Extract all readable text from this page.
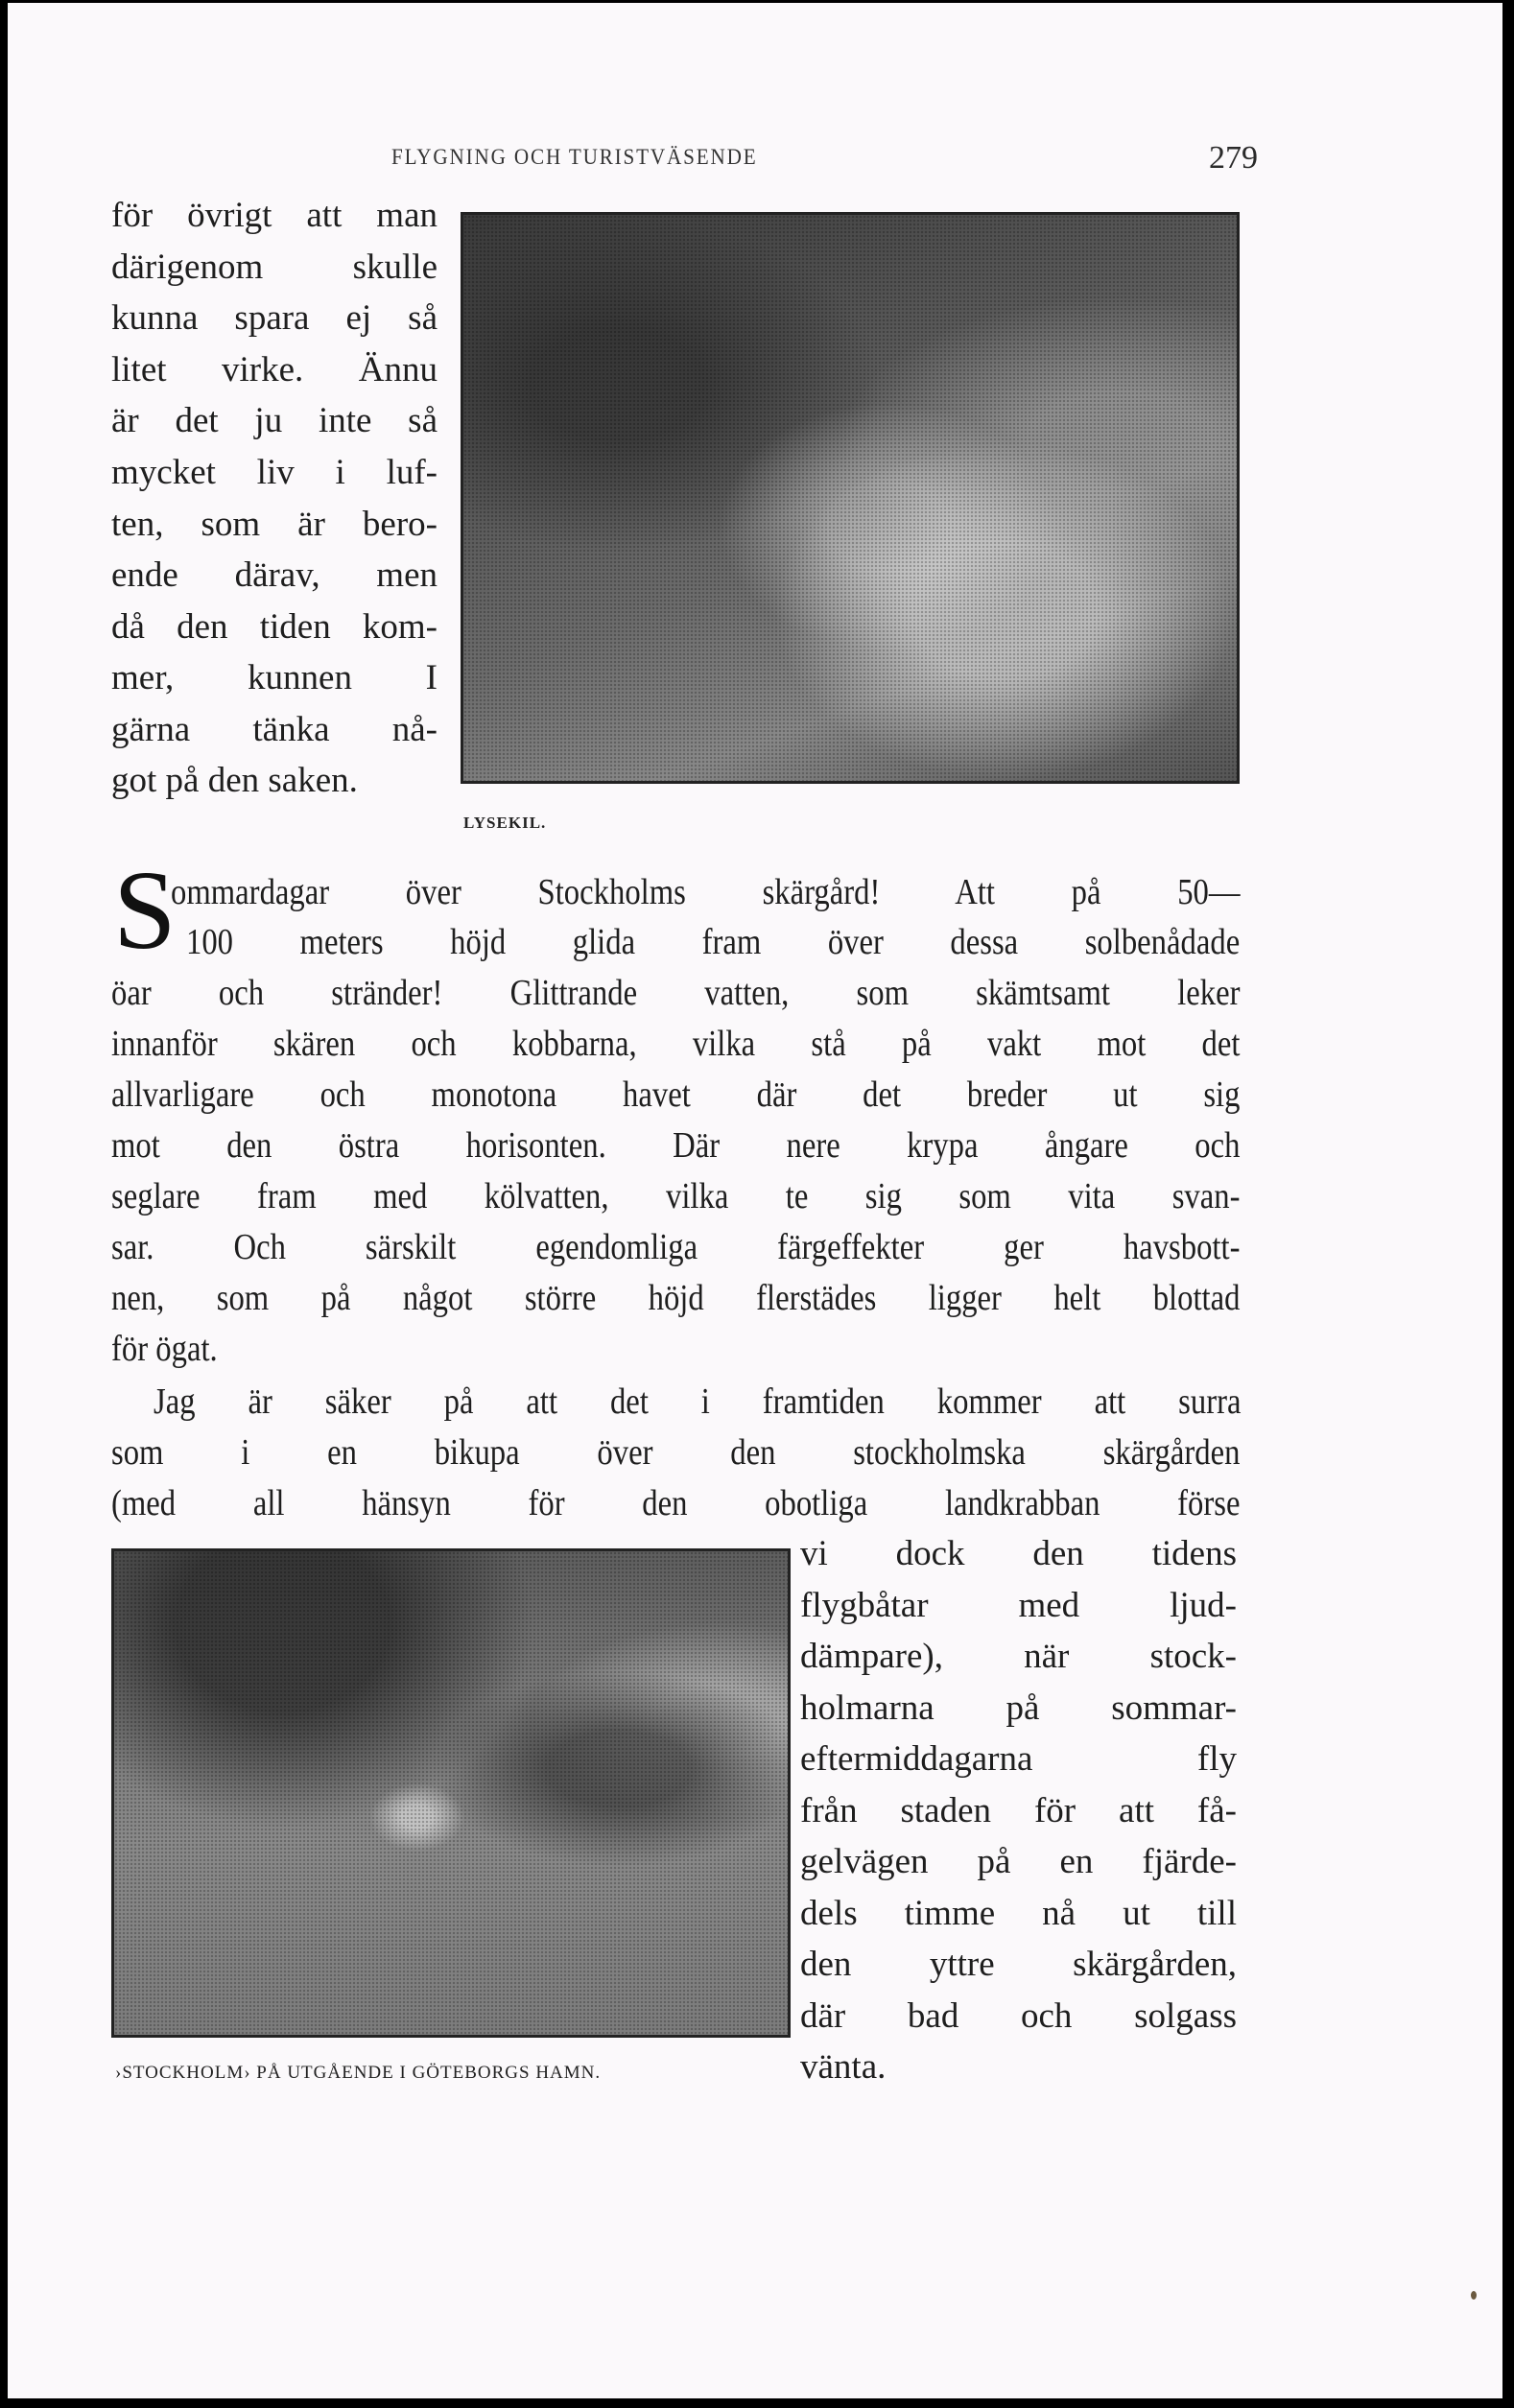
FLYGNING OCH TURISTVÄSENDE	279
för övrigt att man
därigenom skulle
kunna spara ej så
litet virke. Ännu
är det ju inte så
mycket liv i luf-
ten, som är bero-
ende därav, men
då den tiden kom-
mer, kunnen I
gärna tänka nå-
got på den saken.
LYSEKIL.
S
ommardagar över Stockholms skärgård! Att på 50—
100 meters höjd glida fram över dessa solbenådade
öar och stränder! Glittrande vatten, som skämtsamt leker
innanför skären och kobbarna, vilka stå på vakt mot det
allvarligare och monotona havet där det breder ut sig
mot den östra horisonten. Där nere krypa ångare och
seglare fram med kölvatten, vilka te sig som vita svan-
sar. Och särskilt egendomliga färgeffekter ger havsbott-
nen, som på något större höjd flerstädes ligger helt blottad
för ögat.
Jag är säker på att det i framtiden kommer att surra
som i en bikupa över den stockholmska skärgården
(med all hänsyn för den obotliga landkrabban förse
vi dock den tidens
flygbåtar med ljud-
dämpare), när stock-
holmarna på sommar-
eftermiddagarna fly
från staden för att få-
gelvägen på en fjärde-
dels timme nå ut till
den yttre skärgården,
där bad och solgass
vänta.
›STOCKHOLM› PÅ UTGÅENDE I GÖTEBORGS HAMN.
